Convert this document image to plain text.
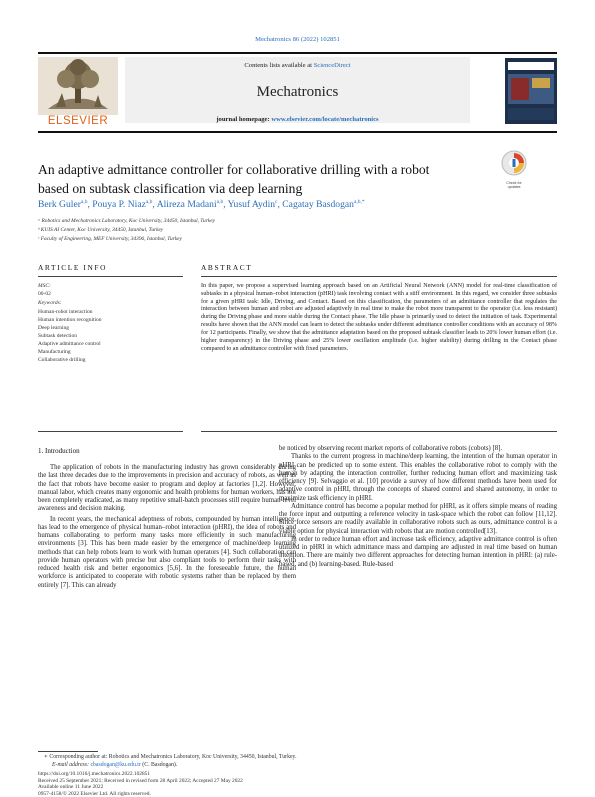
Mechatronics 86 (2022) 102851
ELSEVIER
Contents lists available at ScienceDirect
Mechatronics
journal homepage: www.elsevier.com/locate/mechatronics
An adaptive admittance controller for collaborative drilling with a robot
based on subtask classification via deep learning	Check for updates
Berk Guler$^{a,b}$, Pouya P. Niaz$^{a,b}$, Alireza Madani$^{a,b}$, Yusuf Aydin$^c$, Cagatay Basdogan$^{a,b,*}$
ᵃ Robotics and Mechatronics Laboratory, Koc University, 34450, Istanbul, Turkey
ᵇ KUIS AI Center, Koc University, 34450, Istanbul, Turkey
ᶜ Faculty of Engineering, MEF University, 34396, Istanbul, Turkey
ARTICLE INFO	ABSTRACT
MSC:
00-02
Keywords:
Human-robot interaction
Human intention recognition
Deep learning
Subtask detection
Adaptive admittance control
Manufacturing
Collaborative drilling
In this paper, we propose a supervised learning approach based on an Artificial Neural Network (ANN) model for real-time classification of subtasks in a physical human–robot interaction (pHRI) task involving contact with a stiff environment. In this regard, we consider three subtasks for a given pHRI task: Idle, Driving, and Contact. Based on this classification, the parameters of an admittance controller that regulates the interaction between human and robot are adjusted adaptively in real time to make the robot more transparent to the operator (i.e. less resistant) during the Driving phase and more stable during the Contact phase. The Idle phase is primarily used to detect the initiation of task. Experimental results have shown that the ANN model can learn to detect the subtasks under different admittance controller conditions with an accuracy of 98% for 12 participants. Finally, we show that the admittance adaptation based on the proposed subtask classifier leads to 20% lower human effort (i.e. higher transparency) in the Driving phase and 25% lower oscillation amplitude (i.e. higher stability) during drilling in the Contact phase compared to an admittance controller with fixed parameters.
1. Introduction

The application of robots in the manufacturing industry has grown considerably during the last three decades due to the improvements in precision and accuracy of robots, as well as the fact that robots have become easier to program and deploy at factories [1,2]. However, manual labor, which creates many ergonomic and health problems for human workers, has not been completely eradicated, as many repetitive small-batch processes still require human-level awareness and decision making.

In recent years, the mechanical adeptness of robots, compounded by human intelligence, has lead to the emergence of physical human–robot interaction (pHRI), the idea of robots and humans collaborating to perform many tasks more efficiently in such manufacturing environments [3]. This has been made easier by the emergence of machine/deep learning methods that can help robots learn to work with human operators [4]. Such collaboration can provide human operators with precise but also compliant tools to perform their tasks with reduced health risk and better ergonomics [5,6]. In the foreseeable future, the human workforce is anticipated to cooperate with robotic systems rather than be replaced by them entirely [7]. This can already

be noticed by observing recent market reports of collaborative robots (cobots) [8].

Thanks to the current progress in machine/deep learning, the intention of the human operator in pHRI can be predicted up to some extent. This enables the collaborative robot to comply with the human by adapting the interaction controller, further reducing human effort and maximizing task efficiency [9]. Selvaggio et al. [10] provide a survey of how different methods have been used for adaptive control in pHRI, through the concepts of shared control and shared autonomy, in order to maximize task efficiency in pHRI.

Admittance control has become a popular method for pHRI, as it offers simple means of reading the force input and outputting a reference velocity in task-space which the robot can follow [11,12]. Since force sensors are readily available in collaborative robots such as ours, admittance control is a viable option for physical interaction with robots that are motion controlled[13].

In order to reduce human effort and increase task efficiency, adaptive admittance control is often utilized in pHRI in which admittance mass and damping are adjusted in real time based on human intention. There are mainly two different approaches for detecting human intention in pHRI: (a) rule-based, and (b) learning-based. Rule-based

∗ Corresponding author at: Robotics and Mechatronics Laboratory, Koc University, 34450, Istanbul, Turkey.
E-mail address: cbasdogan@ku.edu.tr (C. Basdogan).
https://doi.org/10.1016/j.mechatronics.2022.102851
Received 25 September 2021; Received in revised form 28 April 2022; Accepted 27 May 2022
Available online 11 June 2022
0957-4158/© 2022 Elsevier Ltd. All rights reserved.
